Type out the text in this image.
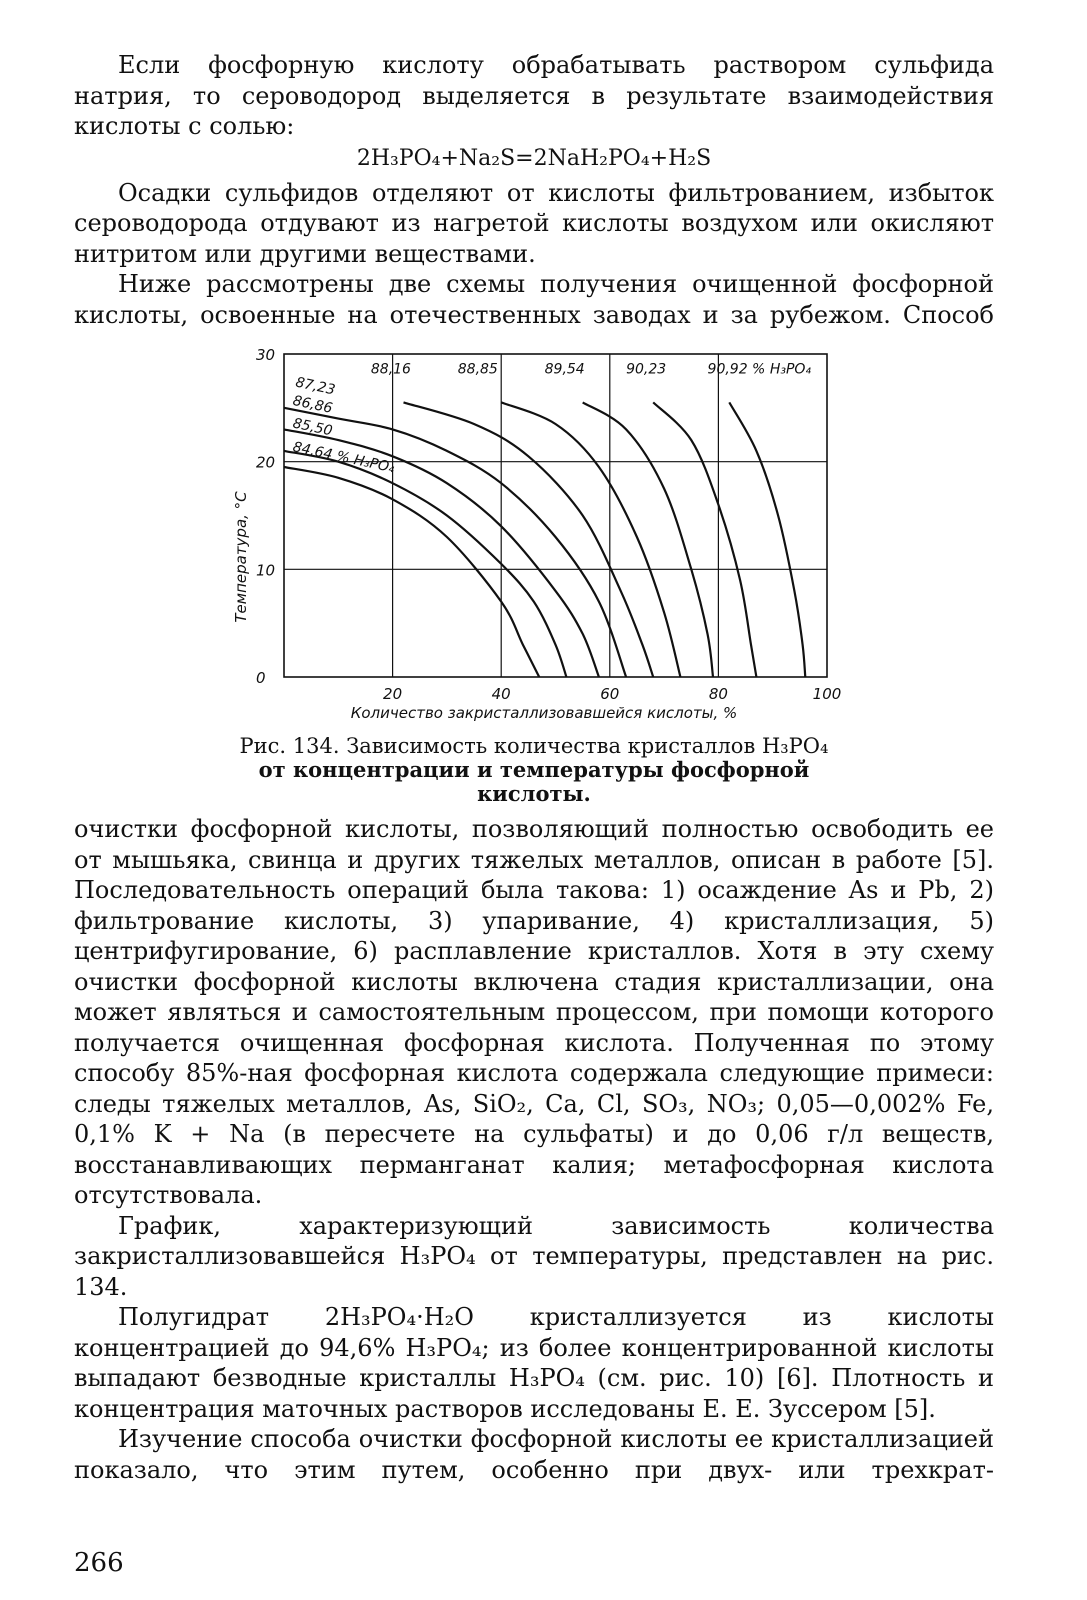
Если фосфорную кислоту обрабатывать раствором сульфида натрия, то сероводород выделяется в результате взаимодействия кислоты с солью:

2H₃PO₄+Na₂S=2NaH₂PO₄+H₂S

Осадки сульфидов отделяют от кислоты фильтрованием, избыток сероводорода отдувают из нагретой кислоты воздухом или окисляют нитритом или другими веществами.

Ниже рассмотрены две схемы получения очищенной фосфорной кислоты, освоенные на отечественных заводах и за рубежом. Способ

0
10
20
30
20	40	60	80	100
87,23
86,86
85,50
84,64 % H₃PO₄
88,16	88,85	89,54	90,23	90,92 % H₃PO₄
Температура, °C
Количество закристаллизовавшейся кислоты, %
Рис. 134. Зависимость количества кристаллов H₃PO₄
от концентрации и температуры фосфорной
кислоты.

очистки фосфорной кислоты, позволяющий полностью освободить ее от мышьяка, свинца и других тяжелых металлов, описан в работе [5]. Последовательность операций была такова: 1) осаждение As и Pb, 2) фильтрование кислоты, 3) упаривание, 4) кристаллизация, 5) центрифугирование, 6) расплавление кристаллов. Хотя в эту схему очистки фосфорной кислоты включена стадия кристаллизации, она может являться и самостоятельным процессом, при помощи которого получается очищенная фосфорная кислота. Полученная по этому способу 85%-ная фосфорная кислота содержала следующие примеси: следы тяжелых металлов, As, SiO₂, Ca, Cl, SO₃, NO₃; 0,05—0,002% Fe, 0,1% K + Na (в пересчете на сульфаты) и до 0,06 г/л веществ, восстанавливающих перманганат калия; метафосфорная кислота отсутствовала.

График, характеризующий зависимость количества закристаллизовавшейся H₃PO₄ от температуры, представлен на рис. 134.

Полугидрат 2H₃PO₄·H₂O кристаллизуется из кислоты концентрацией до 94,6% H₃PO₄; из более концентрированной кислоты выпадают безводные кристаллы H₃PO₄ (см. рис. 10) [6]. Плотность и концентрация маточных растворов исследованы Е. Е. Зуссером [5].

Изучение способа очистки фосфорной кислоты ее кристаллизацией показало, что этим путем, особенно при двух- или трехкрат-

266
